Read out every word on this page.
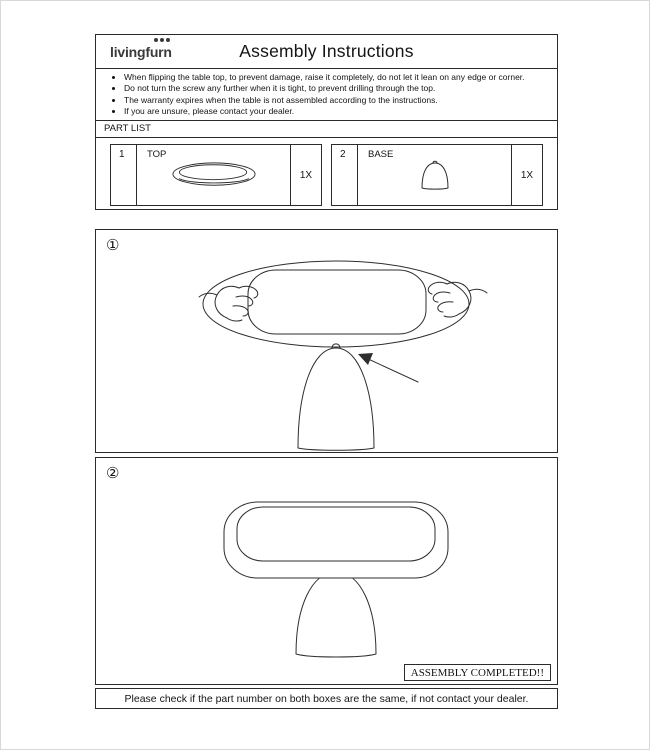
Assembly Instructions
livingfurn
• When flipping the table top, to prevent damage, raise it completely, do not let it lean on any edge or corner.
• Do not turn the screw any further when it is tight, to prevent drilling through the top.
• The warranty expires when the table is not assembled according to the instructions.
• If you are unsure, please contact your dealer.
PART LIST
1	TOP
1X
2	BASE
1X
①
②
ASSEMBLY COMPLETED!!
Please check if the part number on both boxes are the same, if not contact your dealer.
